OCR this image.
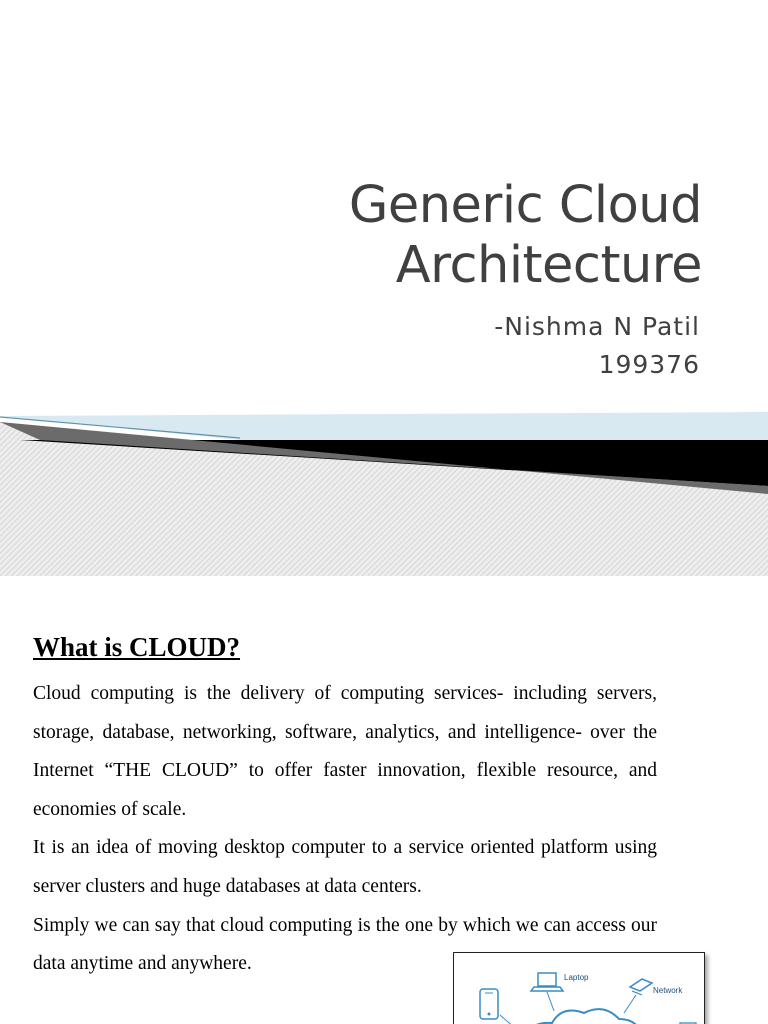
Generic Cloud
Architecture
-Nishma N Patil
199376
What is CLOUD?

Cloud computing is the delivery of computing services- including servers, storage, database, networking, software, analytics, and intelligence- over the Internet “THE CLOUD” to offer faster innovation, flexible resource, and economies of scale.

It is an idea of moving desktop computer to a service oriented platform using server clusters and huge databases at data centers.

Simply we can say that cloud computing is the one by which we can access our data anytime and anywhere.

Laptop
Network
